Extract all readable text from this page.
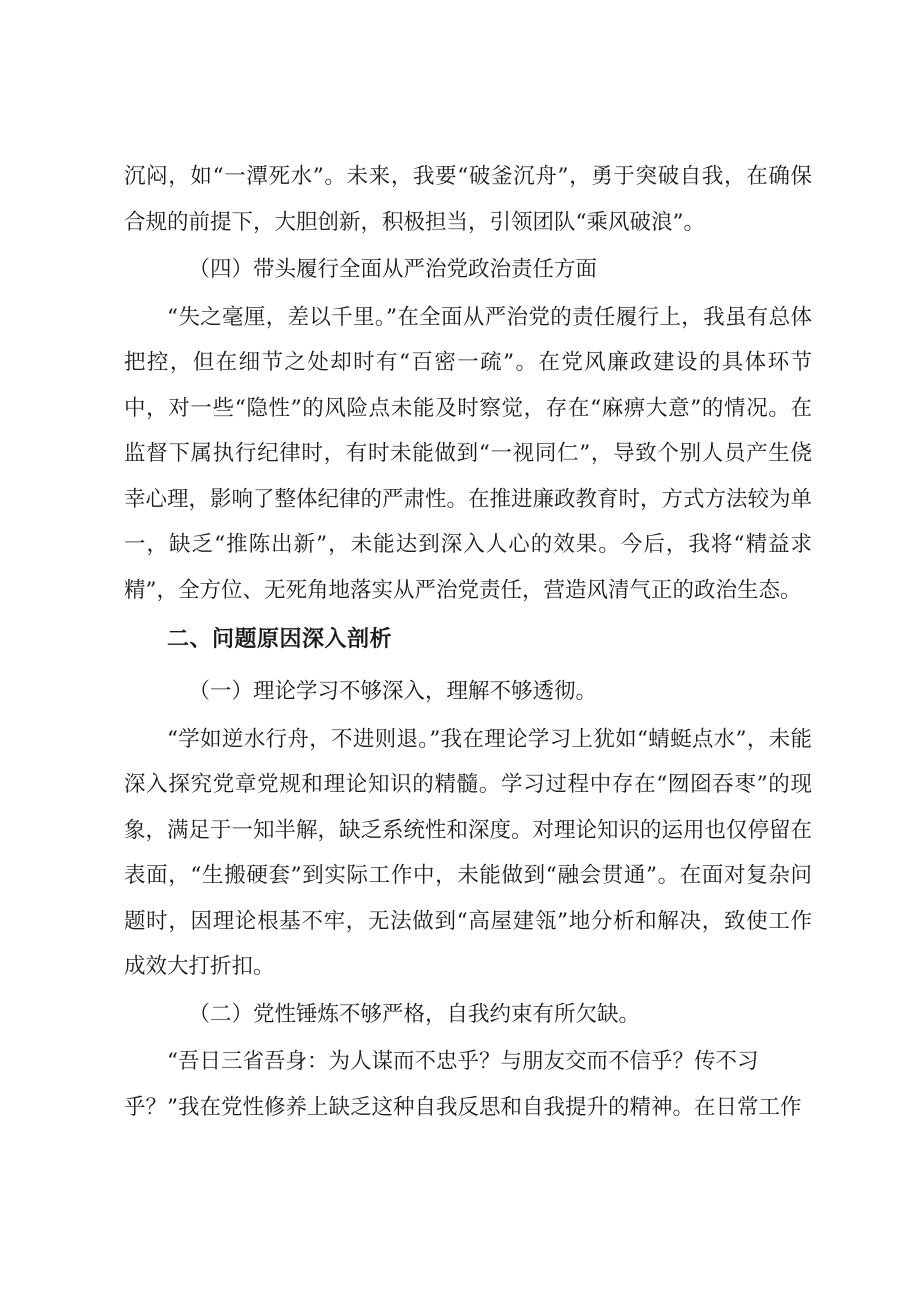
沉闷，如“一潭死水”。未来，我要“破釜沉舟”，勇于突破自我，在确保合规的前提下，大胆创新，积极担当，引领团队“乘风破浪”。

（四）带头履行全面从严治党政治责任方面

“失之毫厘，差以千里。”在全面从严治党的责任履行上，我虽有总体把控，但在细节之处却时有“百密一疏”。在党风廉政建设的具体环节中，对一些“隐性”的风险点未能及时察觉，存在“麻痹大意”的情况。在监督下属执行纪律时，有时未能做到“一视同仁”，导致个别人员产生侥幸心理，影响了整体纪律的严肃性。在推进廉政教育时，方式方法较为单一，缺乏“推陈出新”，未能达到深入人心的效果。今后，我将“精益求精”，全方位、无死角地落实从严治党责任，营造风清气正的政治生态。

二、问题原因深入剖析

（一）理论学习不够深入，理解不够透彻。

“学如逆水行舟，不进则退。”我在理论学习上犹如“蜻蜓点水”，未能深入探究党章党规和理论知识的精髓。学习过程中存在“囫囵吞枣”的现象，满足于一知半解，缺乏系统性和深度。对理论知识的运用也仅停留在表面，“生搬硬套”到实际工作中，未能做到“融会贯通”。在面对复杂问题时，因理论根基不牢，无法做到“高屋建瓴”地分析和解决，致使工作成效大打折扣。

（二）党性锤炼不够严格，自我约束有所欠缺。

“吾日三省吾身：为人谋而不忠乎？与朋友交而不信乎？传不习

乎？”我在党性修养上缺乏这种自我反思和自我提升的精神。在日常工作
